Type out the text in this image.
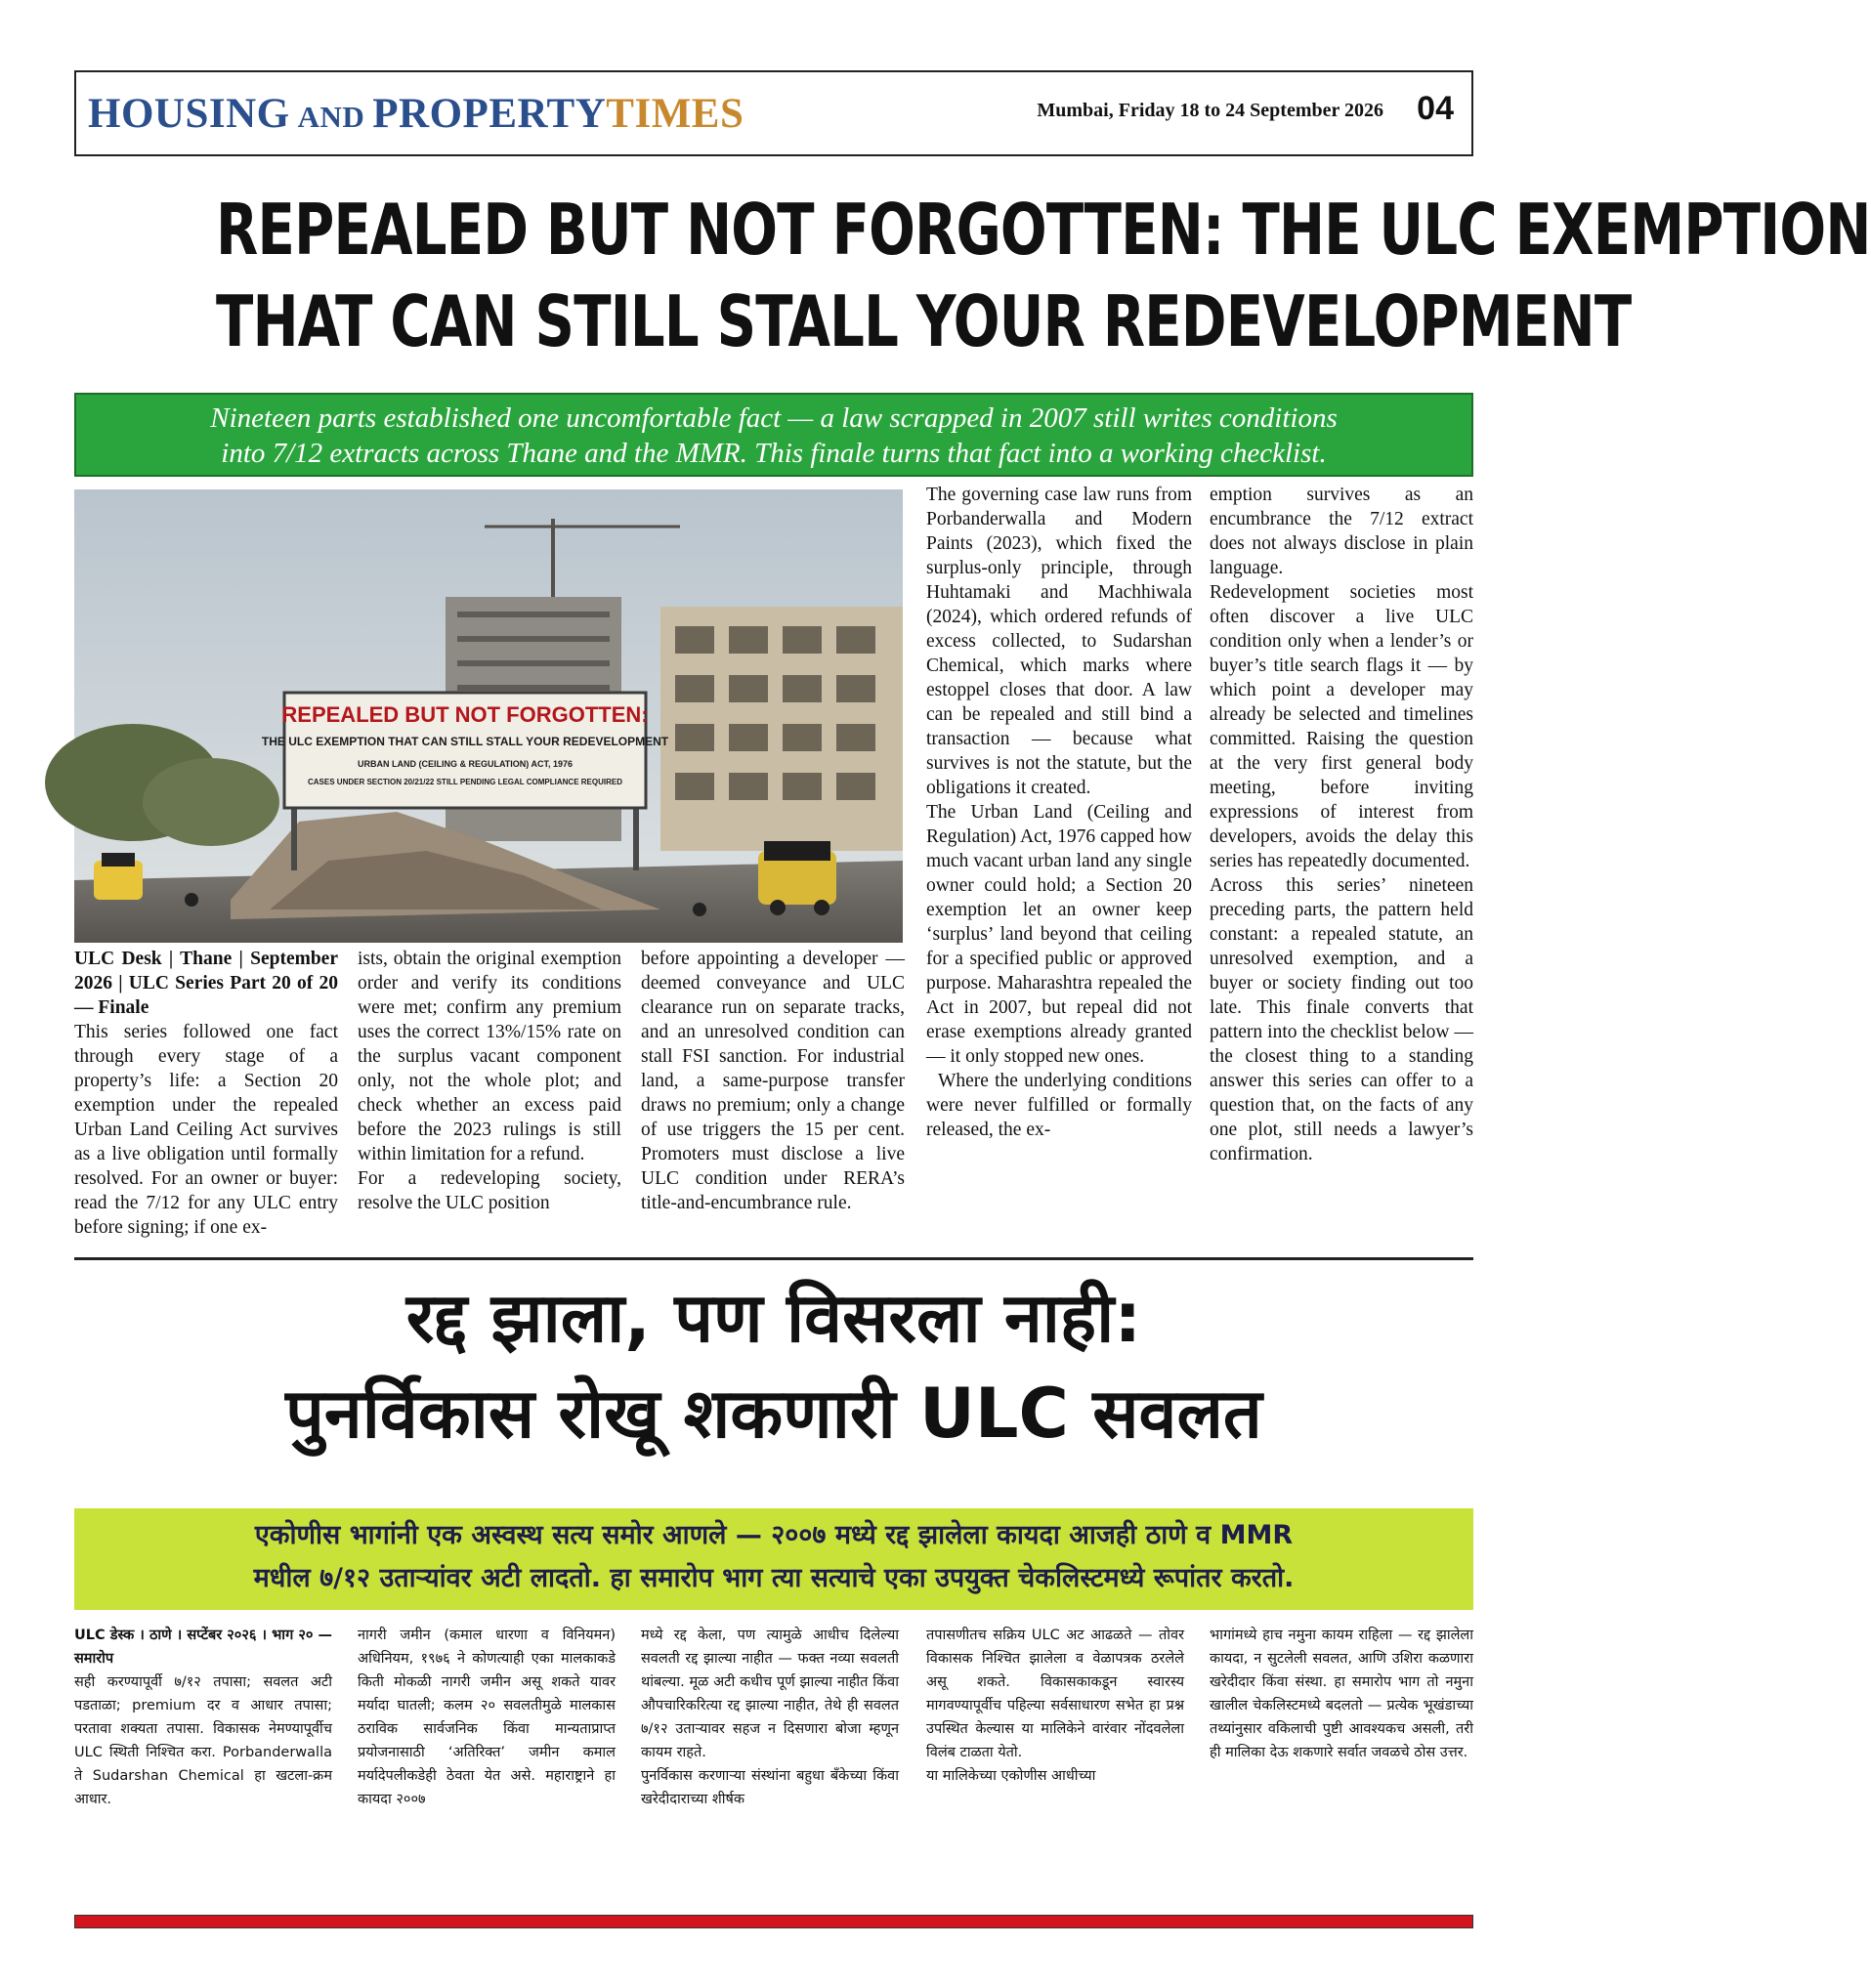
HOUSING AND PROPERTY TIMES	Mumbai, Friday 18 to 24 September 2026 04
REPEALED BUT NOT FORGOTTEN: THE ULC EXEMPTION
THAT CAN STILL STALL YOUR REDEVELOPMENT
Nineteen parts established one uncomfortable fact — a law scrapped in 2007 still writes conditions
into 7/12 extracts across Thane and the MMR. This finale turns that fact into a working checklist.
REPEALED BUT NOT FORGOTTEN:
THE ULC EXEMPTION THAT CAN STILL STALL YOUR REDEVELOPMENT
URBAN LAND (CEILING & REGULATION) ACT, 1976
CASES UNDER SECTION 20/21/22 STILL PENDING LEGAL COMPLIANCE REQUIRED

ULC Desk | Thane | September 2026 | ULC Series Part 20 of 20 — Finale

This series followed one fact through every stage of a property’s life: a Section 20 exemption under the repealed Urban Land Ceiling Act survives as a live obligation until formally resolved. For an owner or buyer: read the 7/12 for any ULC entry before signing; if one ex-

ists, obtain the original exemption order and verify its conditions were met; confirm any premium uses the correct 13%/15% rate on the surplus vacant component only, not the whole plot; and check whether an excess paid before the 2023 rulings is still within limitation for a refund.

For a redeveloping society, resolve the ULC position

before appointing a developer — deemed conveyance and ULC clearance run on separate tracks, and an unresolved condition can stall FSI sanction. For industrial land, a same-purpose transfer draws no premium; only a change of use triggers the 15 per cent. Promoters must disclose a live ULC condition under RERA’s title-and-encumbrance rule.

The governing case law runs from Porbanderwalla and Modern Paints (2023), which fixed the surplus-only principle, through Huhtamaki and Machhiwala (2024), which ordered refunds of excess collected, to Sudarshan Chemical, which marks where estoppel closes that door. A law can be repealed and still bind a transaction — because what survives is not the statute, but the obligations it created.

The Urban Land (Ceiling and Regulation) Act, 1976 capped how much vacant urban land any single owner could hold; a Section 20 exemption let an owner keep ‘surplus’ land beyond that ceiling for a specified public or approved purpose. Maharashtra repealed the Act in 2007, but repeal did not erase exemptions already granted — it only stopped new ones.

Where the underlying conditions were never fulfilled or formally released, the ex-

emption survives as an encumbrance the 7/12 extract does not always disclose in plain language.

Redevelopment societies most often discover a live ULC condition only when a lender’s or buyer’s title search flags it — by which point a developer may already be selected and timelines committed. Raising the question at the very first general body meeting, before inviting expressions of interest from developers, avoids the delay this series has repeatedly documented.

Across this series’ nineteen preceding parts, the pattern held constant: a repealed statute, an unresolved exemption, and a buyer or society finding out too late. This finale converts that pattern into the checklist below — the closest thing to a standing answer this series can offer to a question that, on the facts of any one plot, still needs a lawyer’s confirmation.

रद्द झाला, पण विसरला नाही:
पुनर्विकास रोखू शकणारी ULC सवलत
एकोणीस भागांनी एक अस्वस्थ सत्य समोर आणले — २००७ मध्ये रद्द झालेला कायदा आजही ठाणे व MMR
मधील ७/१२ उताऱ्यांवर अटी लादतो. हा समारोप भाग त्या सत्याचे एका उपयुक्त चेकलिस्टमध्ये रूपांतर करतो.

ULC डेस्क । ठाणे । सप्टेंबर २०२६ । भाग २० — समारोप

सही करण्यापूर्वी ७/१२ तपासा; सवलत अटी पडताळा; premium दर व आधार तपासा; परतावा शक्यता तपासा. विकासक नेमण्यापूर्वीच ULC स्थिती निश्चित करा. Porbanderwalla ते Sudarshan Chemical हा खटला-क्रम आधार.

नागरी जमीन (कमाल धारणा व विनियमन) अधिनियम, १९७६ ने कोणत्याही एका मालकाकडे किती मोकळी नागरी जमीन असू शकते यावर मर्यादा घातली; कलम २० सवलतीमुळे मालकास ठराविक सार्वजनिक किंवा मान्यताप्राप्त प्रयोजनासाठी ‘अतिरिक्त’ जमीन कमाल मर्यादेपलीकडेही ठेवता येत असे. महाराष्ट्राने हा कायदा २००७

मध्ये रद्द केला, पण त्यामुळे आधीच दिलेल्या सवलती रद्द झाल्या नाहीत — फक्त नव्या सवलती थांबल्या. मूळ अटी कधीच पूर्ण झाल्या नाहीत किंवा औपचारिकरित्या रद्द झाल्या नाहीत, तेथे ही सवलत ७/१२ उताऱ्यावर सहज न दिसणारा बोजा म्हणून कायम राहते.

पुनर्विकास करणाऱ्या संस्थांना बहुधा बँकेच्या किंवा खरेदीदाराच्या शीर्षक

तपासणीतच सक्रिय ULC अट आढळते — तोवर विकासक निश्चित झालेला व वेळापत्रक ठरलेले असू शकते. विकासकाकडून स्वारस्य मागवण्यापूर्वीच पहिल्या सर्वसाधारण सभेत हा प्रश्न उपस्थित केल्यास या मालिकेने वारंवार नोंदवलेला विलंब टाळता येतो.

या मालिकेच्या एकोणीस आधीच्या

भागांमध्ये हाच नमुना कायम राहिला — रद्द झालेला कायदा, न सुटलेली सवलत, आणि उशिरा कळणारा खरेदीदार किंवा संस्था. हा समारोप भाग तो नमुना खालील चेकलिस्टमध्ये बदलतो — प्रत्येक भूखंडाच्या तथ्यांनुसार वकिलाची पुष्टी आवश्यकच असली, तरी ही मालिका देऊ शकणारे सर्वात जवळचे ठोस उत्तर.
